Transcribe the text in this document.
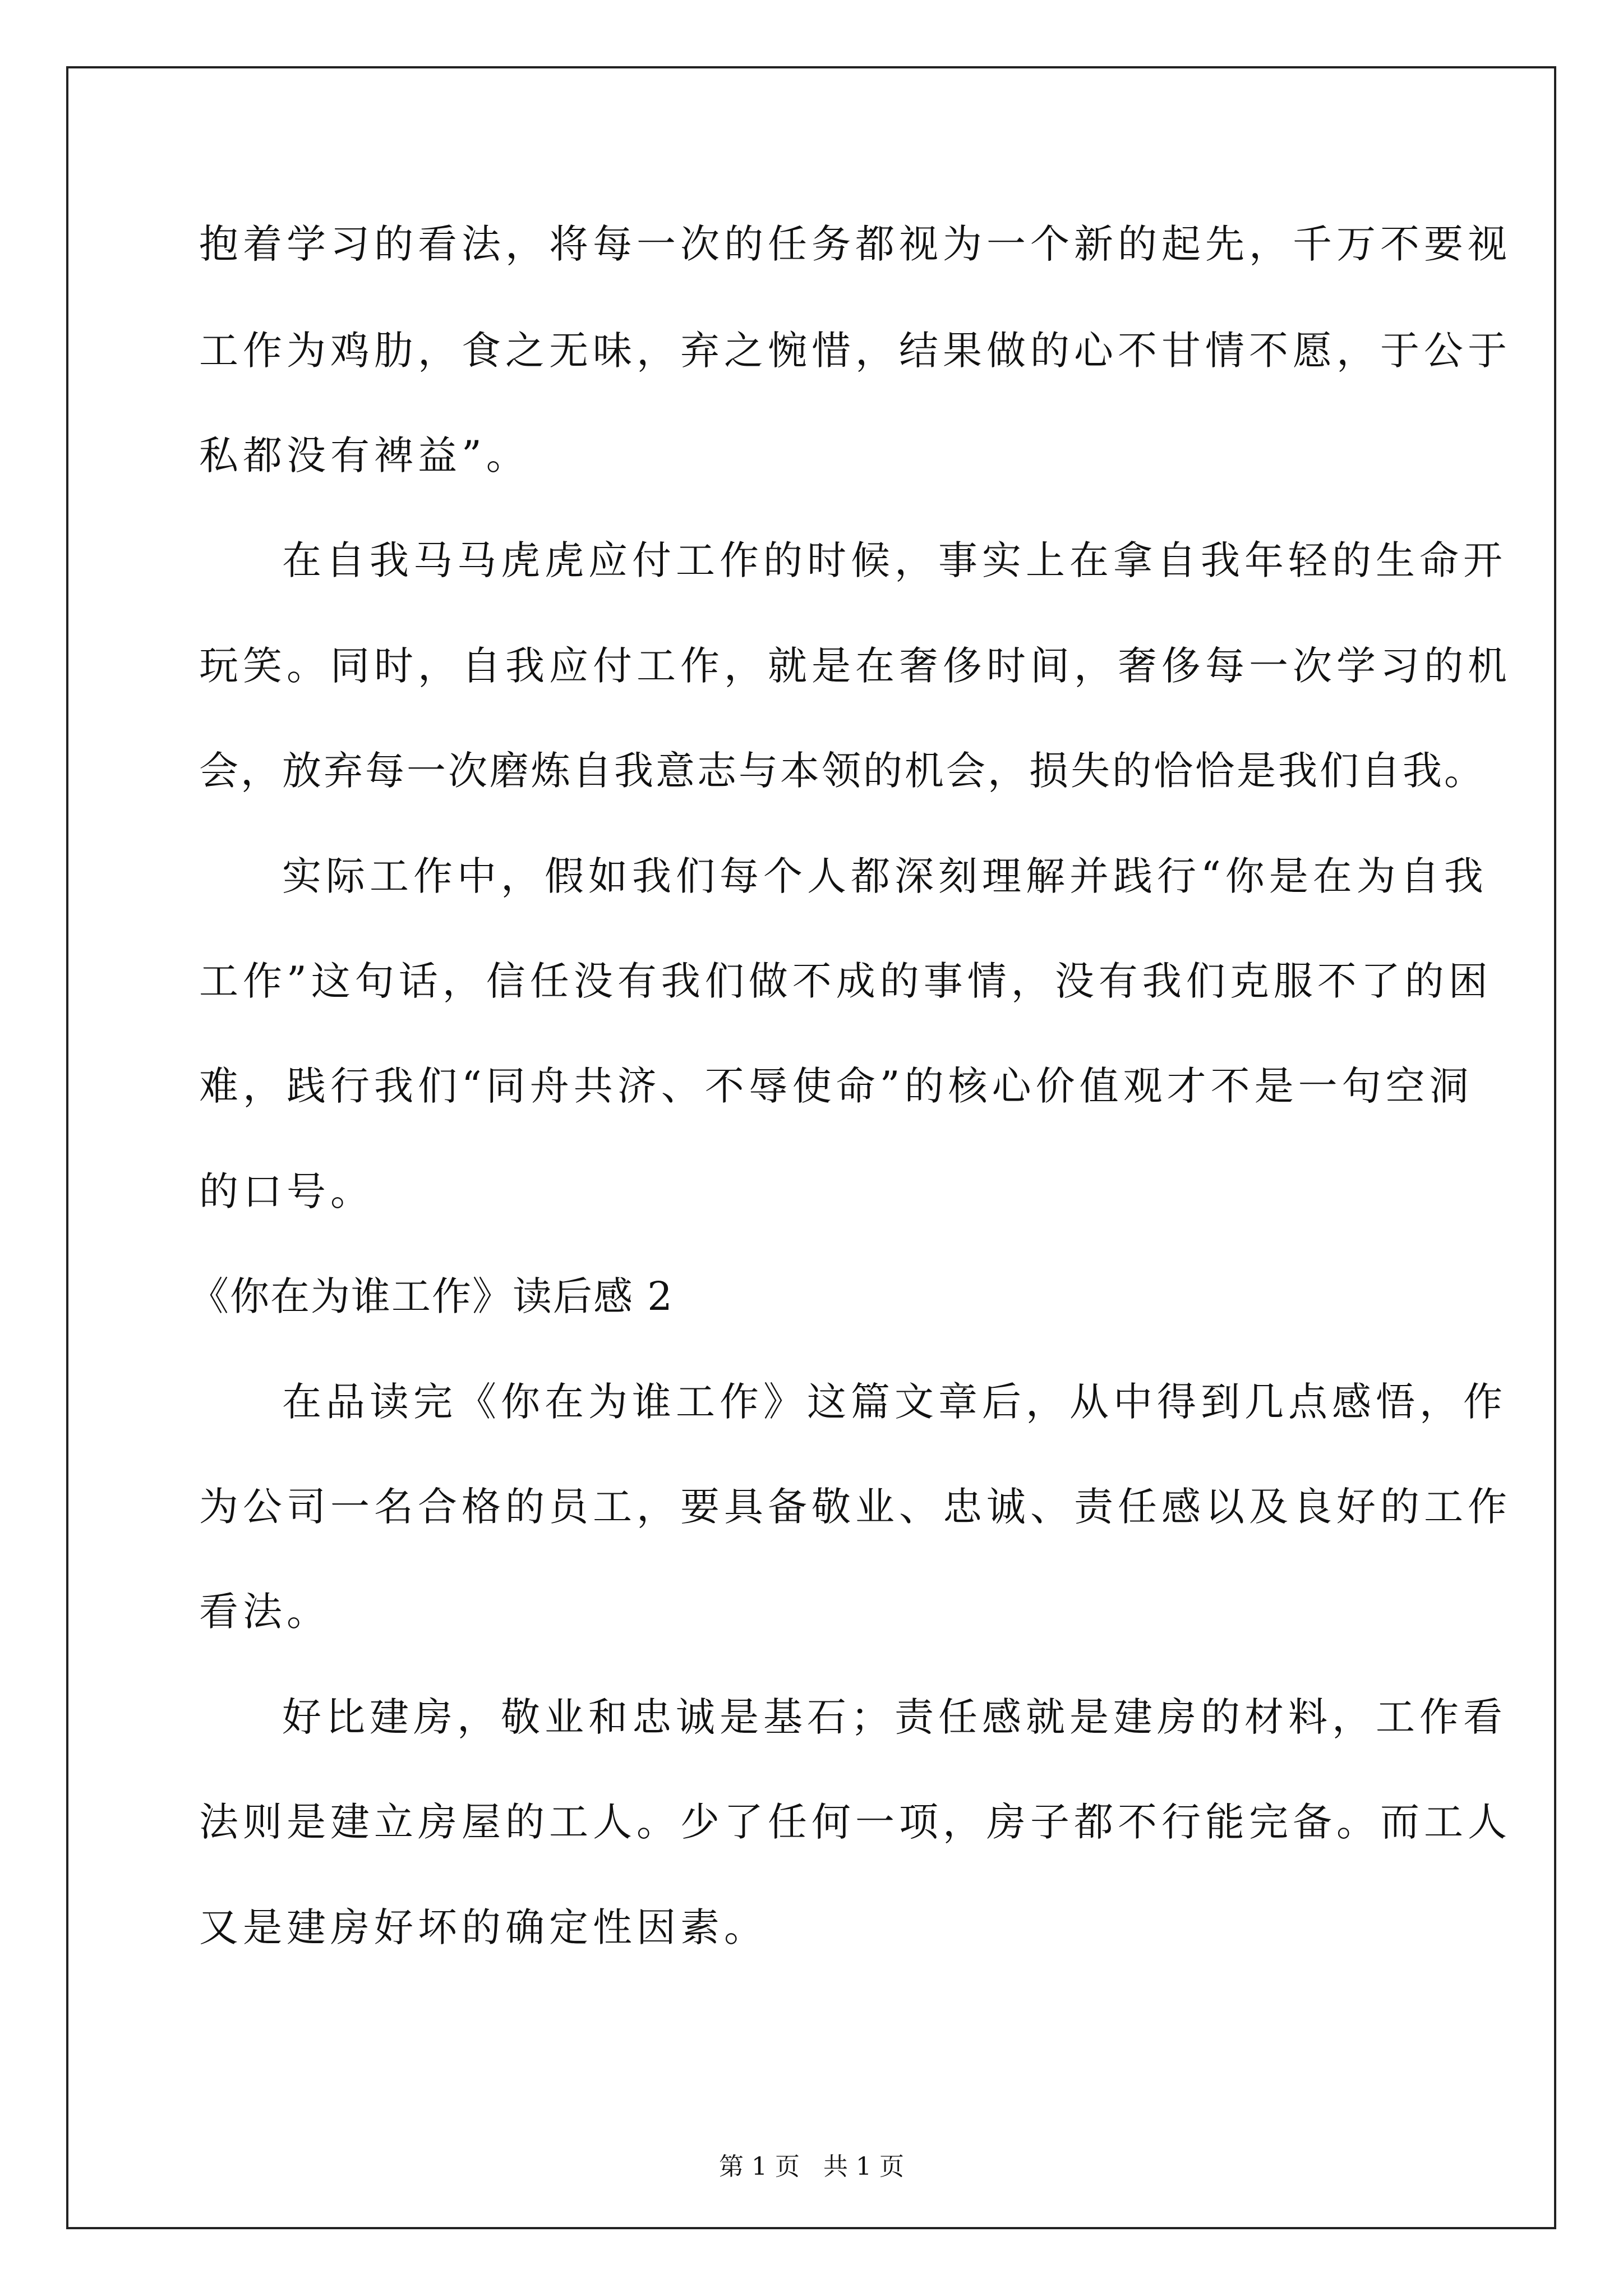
抱着学习的看法，将每一次的任务都视为一个新的起先，千万不要视
工作为鸡肋，食之无味，弃之惋惜，结果做的心不甘情不愿，于公于
私都没有裨益”。
在自我马马虎虎应付工作的时候，事实上在拿自我年轻的生命开
玩笑。同时，自我应付工作，就是在奢侈时间，奢侈每一次学习的机
会，放弃每一次磨炼自我意志与本领的机会，损失的恰恰是我们自我。
实际工作中，假如我们每个人都深刻理解并践行“你是在为自我
工作”这句话，信任没有我们做不成的事情，没有我们克服不了的困
难，践行我们“同舟共济、不辱使命”的核心价值观才不是一句空洞
的口号。
《你在为谁工作》读后感 2
在品读完《你在为谁工作》这篇文章后，从中得到几点感悟，作
为公司一名合格的员工，要具备敬业、忠诚、责任感以及良好的工作
看法。
好比建房，敬业和忠诚是基石；责任感就是建房的材料，工作看
法则是建立房屋的工人。少了任何一项，房子都不行能完备。而工人
又是建房好坏的确定性因素。
第 1 页   共 1 页
